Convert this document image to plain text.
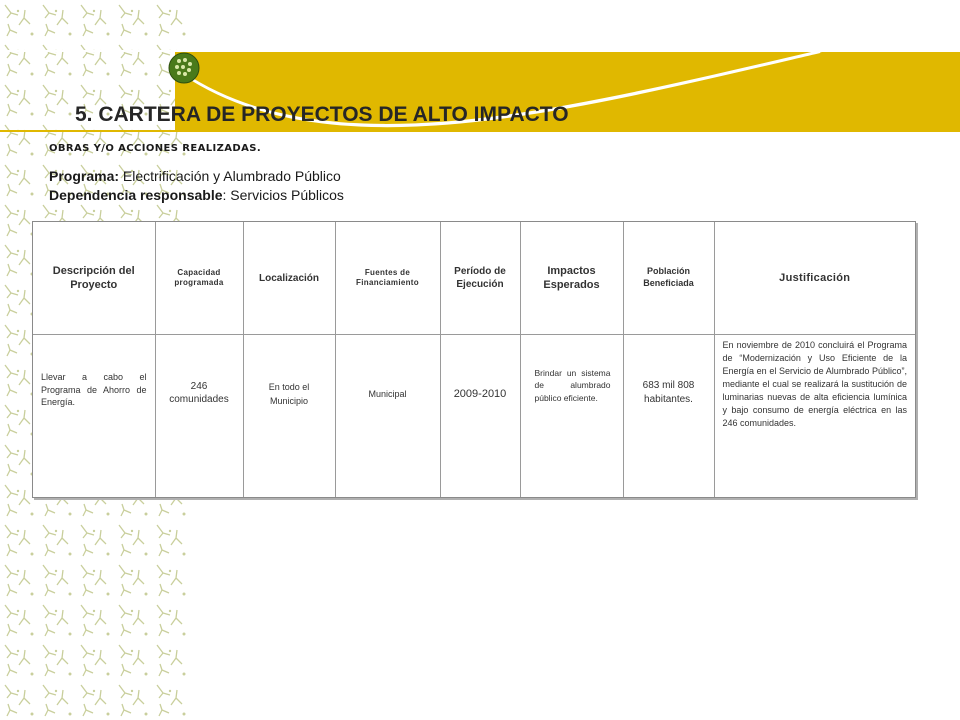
5. CARTERA DE PROYECTOS DE ALTO IMPACTO
OBRAS Y/O ACCIONES REALIZADAS.
Programa: Electrificación y Alumbrado Público
Dependencia responsable: Servicios Públicos
Descripción del Proyecto	Capacidad programada	Localización	Fuentes de Financiamiento	Período de Ejecución	Impactos Esperados	Población Beneficiada	Justificación
Llevar a cabo el Programa de Ahorro de Energía.	246 comunidades	En todo el Municipio	Municipal	2009-2010	Brindar un sistema de alumbrado público eficiente.	683 mil 808 habitantes.	En noviembre de 2010 concluirá el Programa de “Modernización y Uso Eficiente de la Energía en el Servicio de Alumbrado Público”, mediante el cual se realizará la sustitución de luminarias nuevas de alta eficiencia lumínica y bajo consumo de energía eléctrica en las 246 comunidades.
